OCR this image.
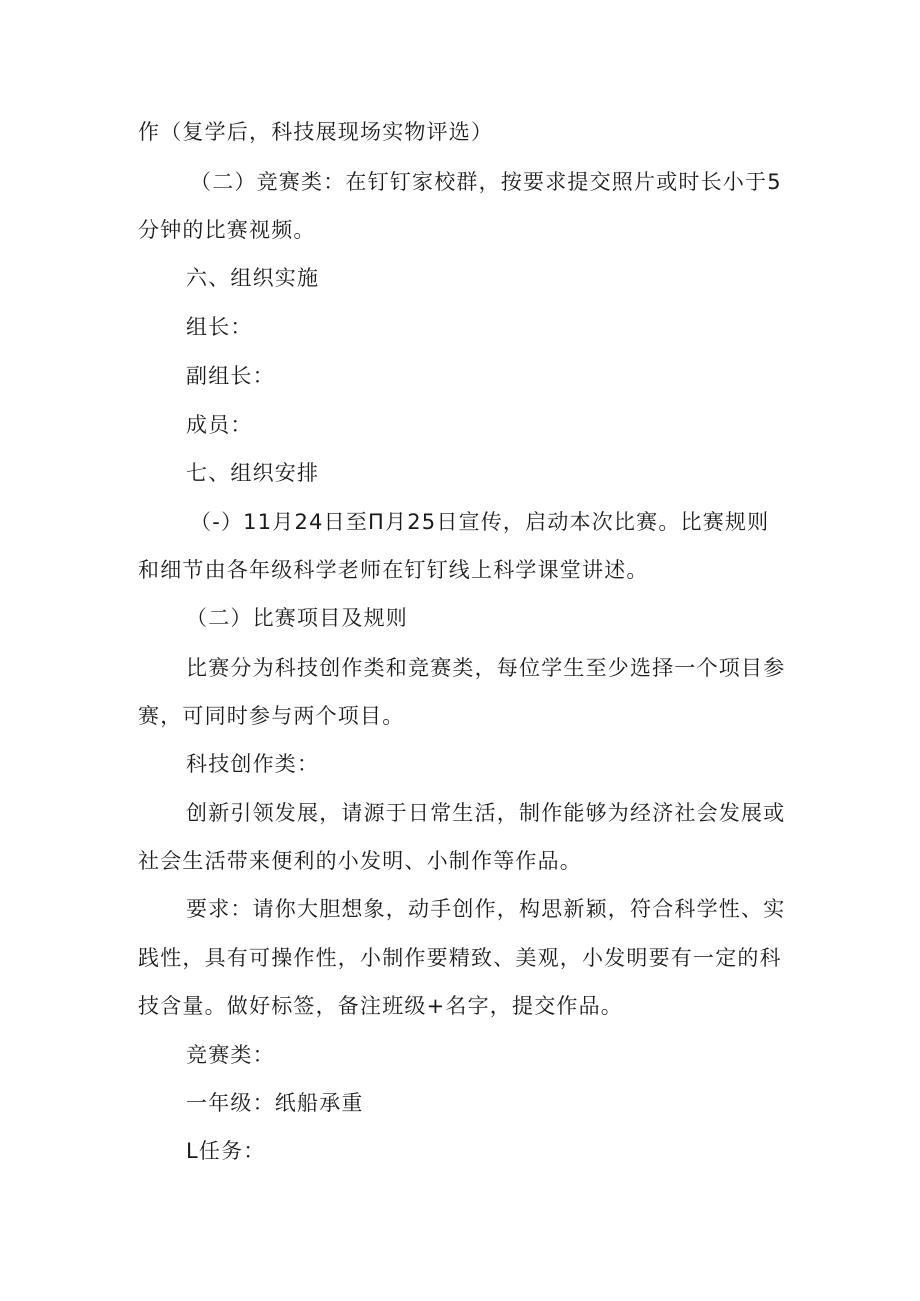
作（复学后，科技展现场实物评选）
（二）竞赛类：在钉钉家校群，按要求提交照片或时长小于5
分钟的比赛视频。
六、组织实施
组长：
副组长：
成员：
七、组织安排
（-）11月24日至Π月25日宣传，启动本次比赛。比赛规则
和细节由各年级科学老师在钉钉线上科学课堂讲述。
（二）比赛项目及规则
比赛分为科技创作类和竞赛类，每位学生至少选择一个项目参
赛，可同时参与两个项目。
科技创作类：
创新引领发展，请源于日常生活，制作能够为经济社会发展或
社会生活带来便利的小发明、小制作等作品。
要求：请你大胆想象，动手创作，构思新颖，符合科学性、实
践性，具有可操作性，小制作要精致、美观，小发明要有一定的科
技含量。做好标签，备注班级+名字，提交作品。
竞赛类：
一年级：纸船承重
L任务：
